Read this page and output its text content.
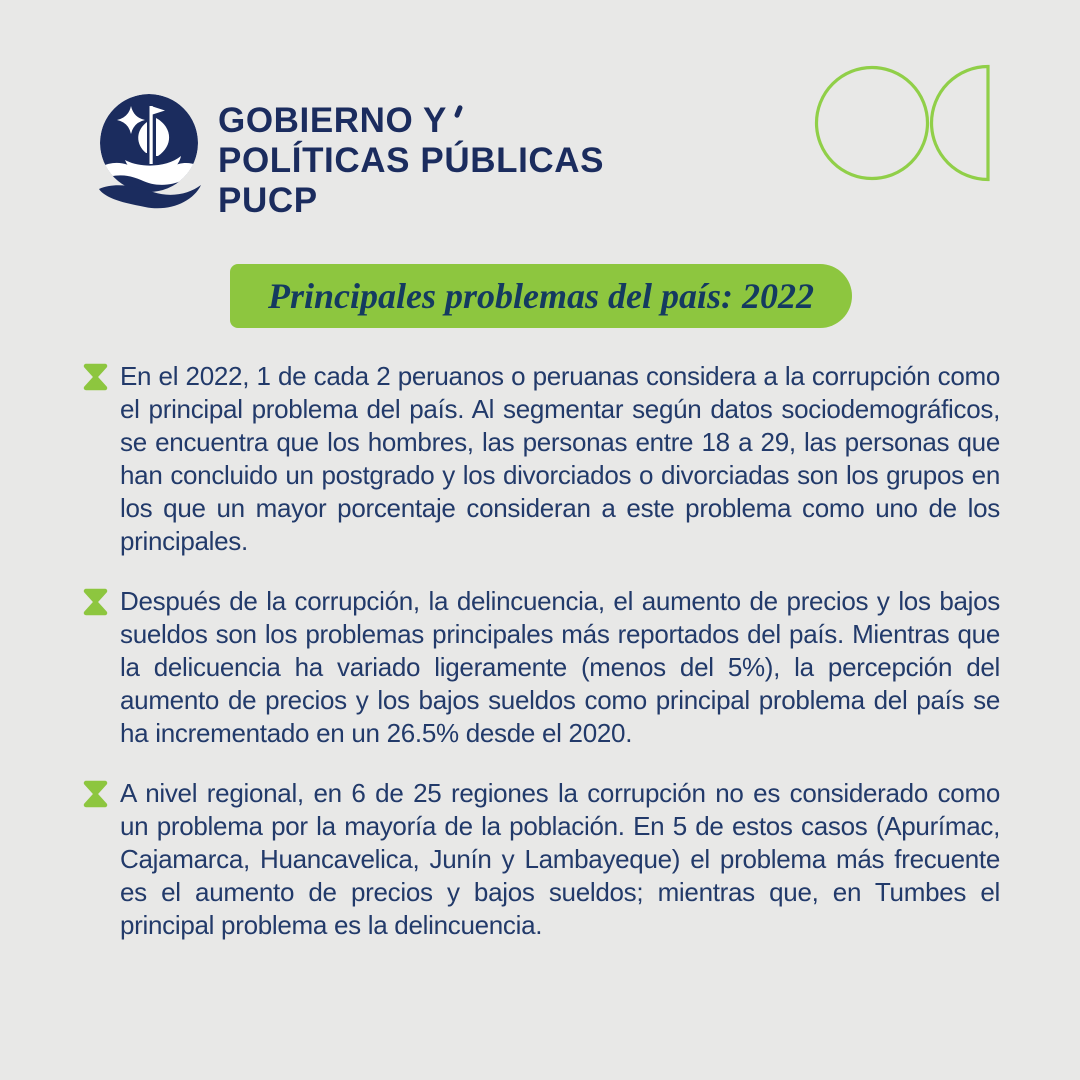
GOBIERNO Y
POLÍTICAS PÚBLICAS
PUCP
Principales problemas del país: 2022

En el 2022, 1 de cada 2 peruanos o peruanas considera a la corrupción como el principal problema del país. Al segmentar según datos sociodemográficos, se encuentra que los hombres, las personas entre 18 a 29, las personas que han concluido un postgrado y los divorciados o divorciadas son los grupos en los que un mayor porcentaje consideran a este problema como uno de los principales.

Después de la corrupción, la delincuencia, el aumento de precios y los bajos sueldos son los problemas principales más reportados del país. Mientras que la delicuencia ha variado ligeramente (menos del 5%), la percepción del aumento de precios y los bajos sueldos como principal problema del país se ha incrementado en un 26.5% desde el 2020.

A nivel regional, en 6 de 25 regiones la corrupción no es considerado como un problema por la mayoría de la población. En 5 de estos casos (Apurímac, Cajamarca, Huancavelica, Junín y Lambayeque) el problema más frecuente es el aumento de precios y bajos sueldos; mientras que, en Tumbes el principal problema es la delincuencia.
